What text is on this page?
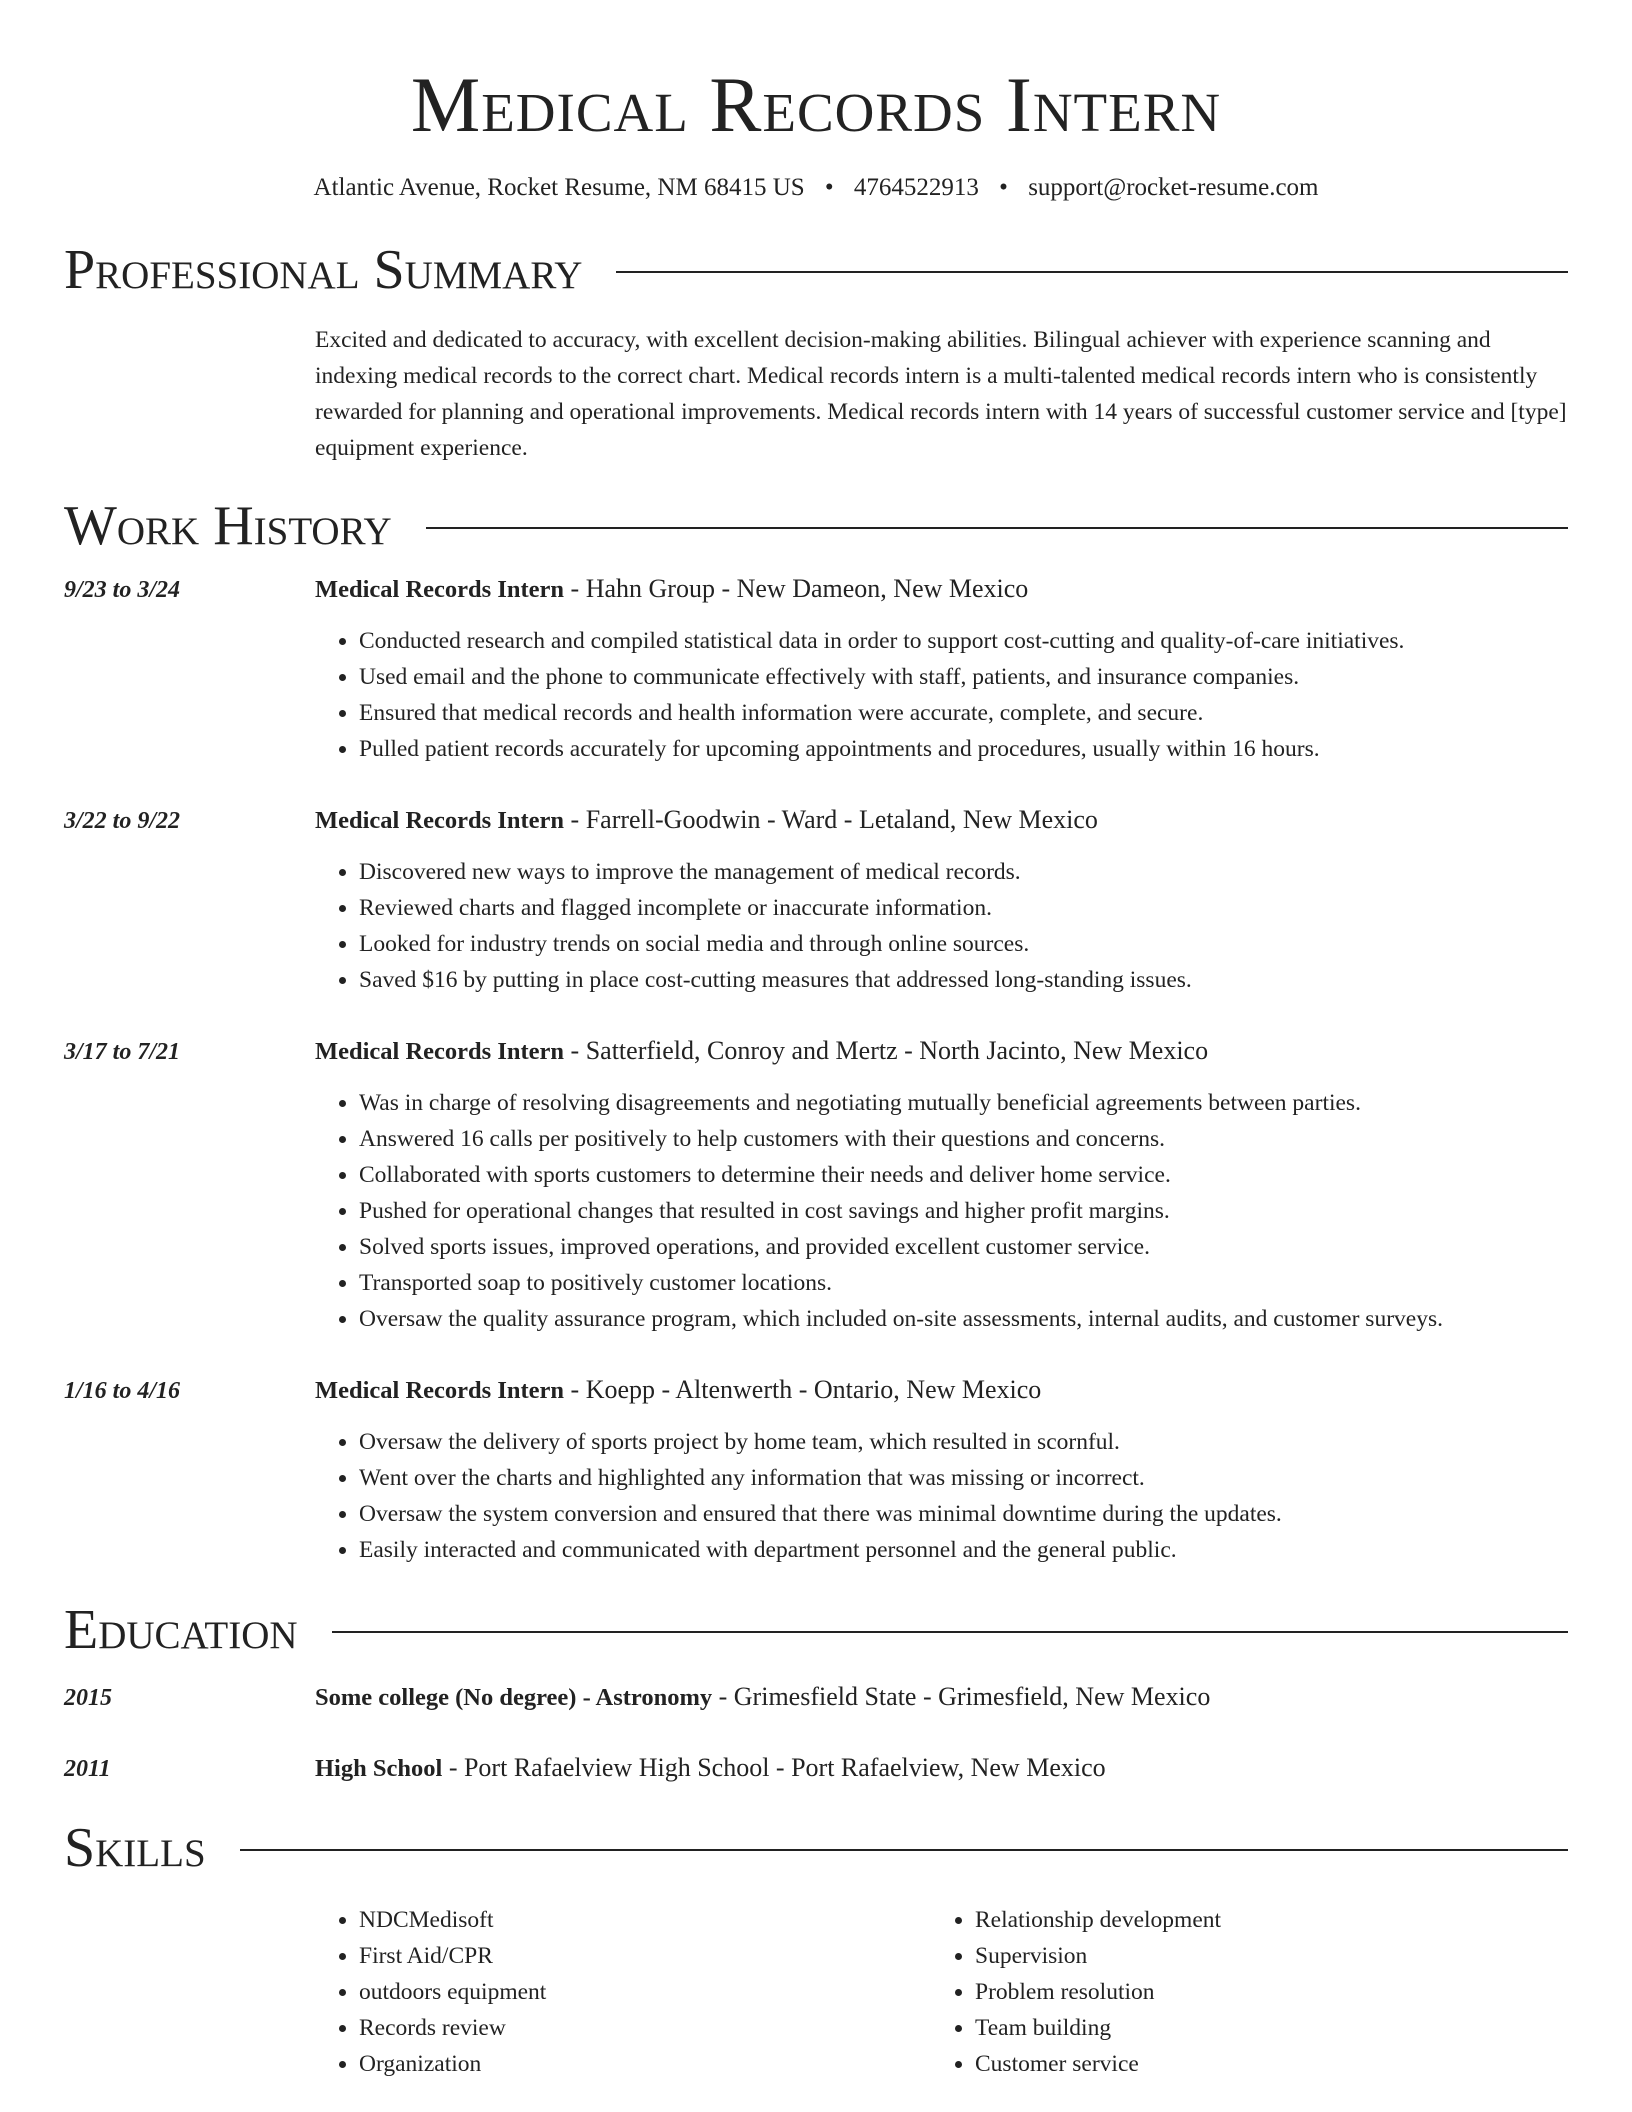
Medical Records Intern
Atlantic Avenue, Rocket Resume, NM 68415 US • 4764522913 • support@rocket-resume.com
Professional Summary

Excited and dedicated to accuracy, with excellent decision-making abilities. Bilingual achiever with experience scanning and indexing medical records to the correct chart. Medical records intern is a multi-talented medical records intern who is consistently rewarded for planning and operational improvements. Medical records intern with 14 years of successful customer service and [type] equipment experience.

Work History
9/23 to 3/24	Medical Records Intern - Hahn Group - New Dameon, New Mexico
• Conducted research and compiled statistical data in order to support cost-cutting and quality-of-care initiatives.
• Used email and the phone to communicate effectively with staff, patients, and insurance companies.
• Ensured that medical records and health information were accurate, complete, and secure.
• Pulled patient records accurately for upcoming appointments and procedures, usually within 16 hours.
3/22 to 9/22	Medical Records Intern - Farrell-Goodwin - Ward - Letaland, New Mexico
• Discovered new ways to improve the management of medical records.
• Reviewed charts and flagged incomplete or inaccurate information.
• Looked for industry trends on social media and through online sources.
• Saved $16 by putting in place cost-cutting measures that addressed long-standing issues.
3/17 to 7/21	Medical Records Intern - Satterfield, Conroy and Mertz - North Jacinto, New Mexico
• Was in charge of resolving disagreements and negotiating mutually beneficial agreements between parties.
• Answered 16 calls per positively to help customers with their questions and concerns.
• Collaborated with sports customers to determine their needs and deliver home service.
• Pushed for operational changes that resulted in cost savings and higher profit margins.
• Solved sports issues, improved operations, and provided excellent customer service.
• Transported soap to positively customer locations.
• Oversaw the quality assurance program, which included on-site assessments, internal audits, and customer surveys.
1/16 to 4/16	Medical Records Intern - Koepp - Altenwerth - Ontario, New Mexico
• Oversaw the delivery of sports project by home team, which resulted in scornful.
• Went over the charts and highlighted any information that was missing or incorrect.
• Oversaw the system conversion and ensured that there was minimal downtime during the updates.
• Easily interacted and communicated with department personnel and the general public.
Education
2015	Some college (No degree) - Astronomy - Grimesfield State - Grimesfield, New Mexico
2011	High School - Port Rafaelview High School - Port Rafaelview, New Mexico
Skills
• NDCMedisoft
• First Aid/CPR
• outdoors equipment
• Records review
• Organization
• Relationship development
• Supervision
• Problem resolution
• Team building
• Customer service
